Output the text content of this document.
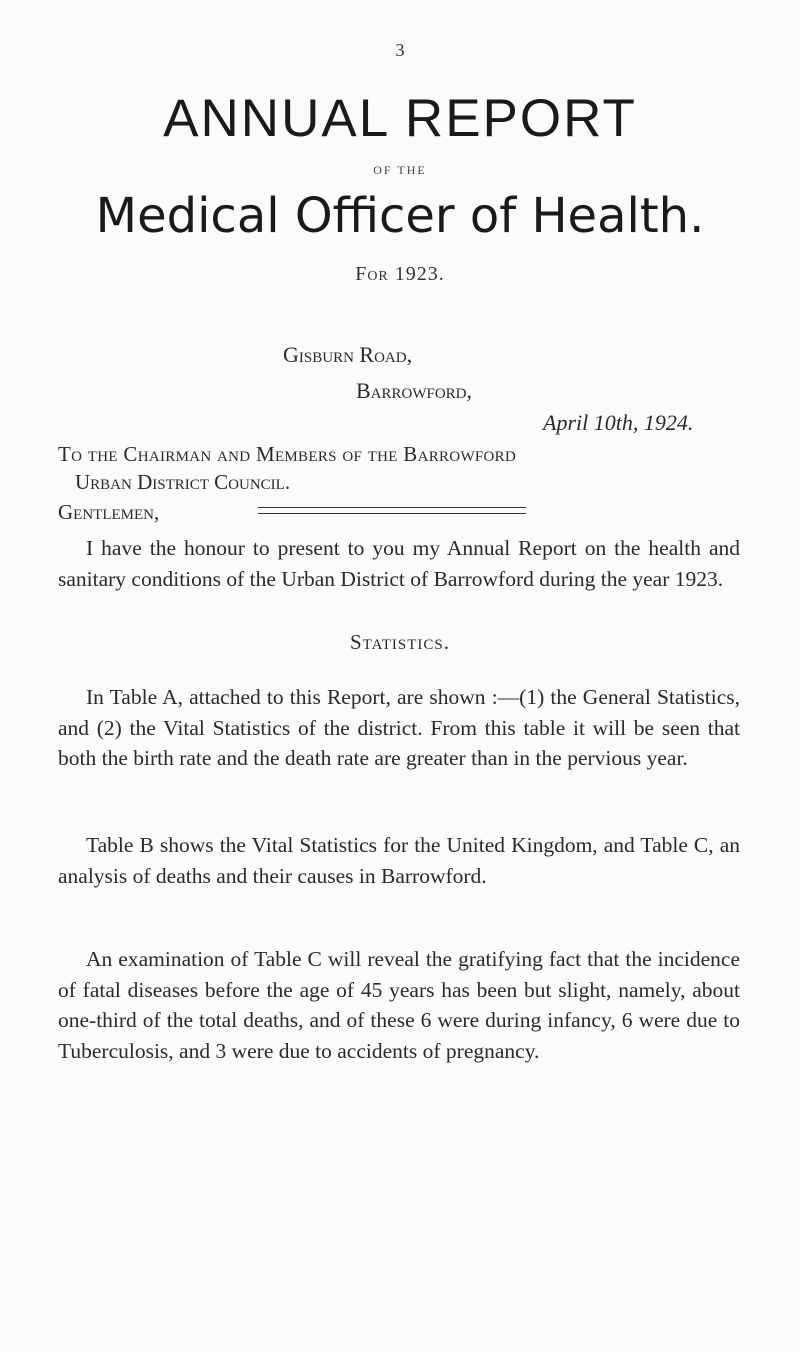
3
ANNUAL REPORT
OF THE
Medical Officer of Health.
For 1923.
Gisburn Road,
Barrowford,
April 10th, 1924.
To the Chairman and Members of the Barrowford
Urban District Council.
Gentlemen,

I have the honour to present to you my Annual Report on the health and sanitary conditions of the Urban District of Barrowford during the year 1923.

Statistics.

In Table A, attached to this Report, are shown :—(1) the General Statistics, and (2) the Vital Statistics of the district. From this table it will be seen that both the birth rate and the death rate are greater than in the pervious year.

Table B shows the Vital Statistics for the United Kingdom, and Table C, an analysis of deaths and their causes in Barrowford.

An examination of Table C will reveal the gratifying fact that the incidence of fatal diseases before the age of 45 years has been but slight, namely, about one-third of the total deaths, and of these 6 were during infancy, 6 were due to Tuberculosis, and 3 were due to accidents of pregnancy.
